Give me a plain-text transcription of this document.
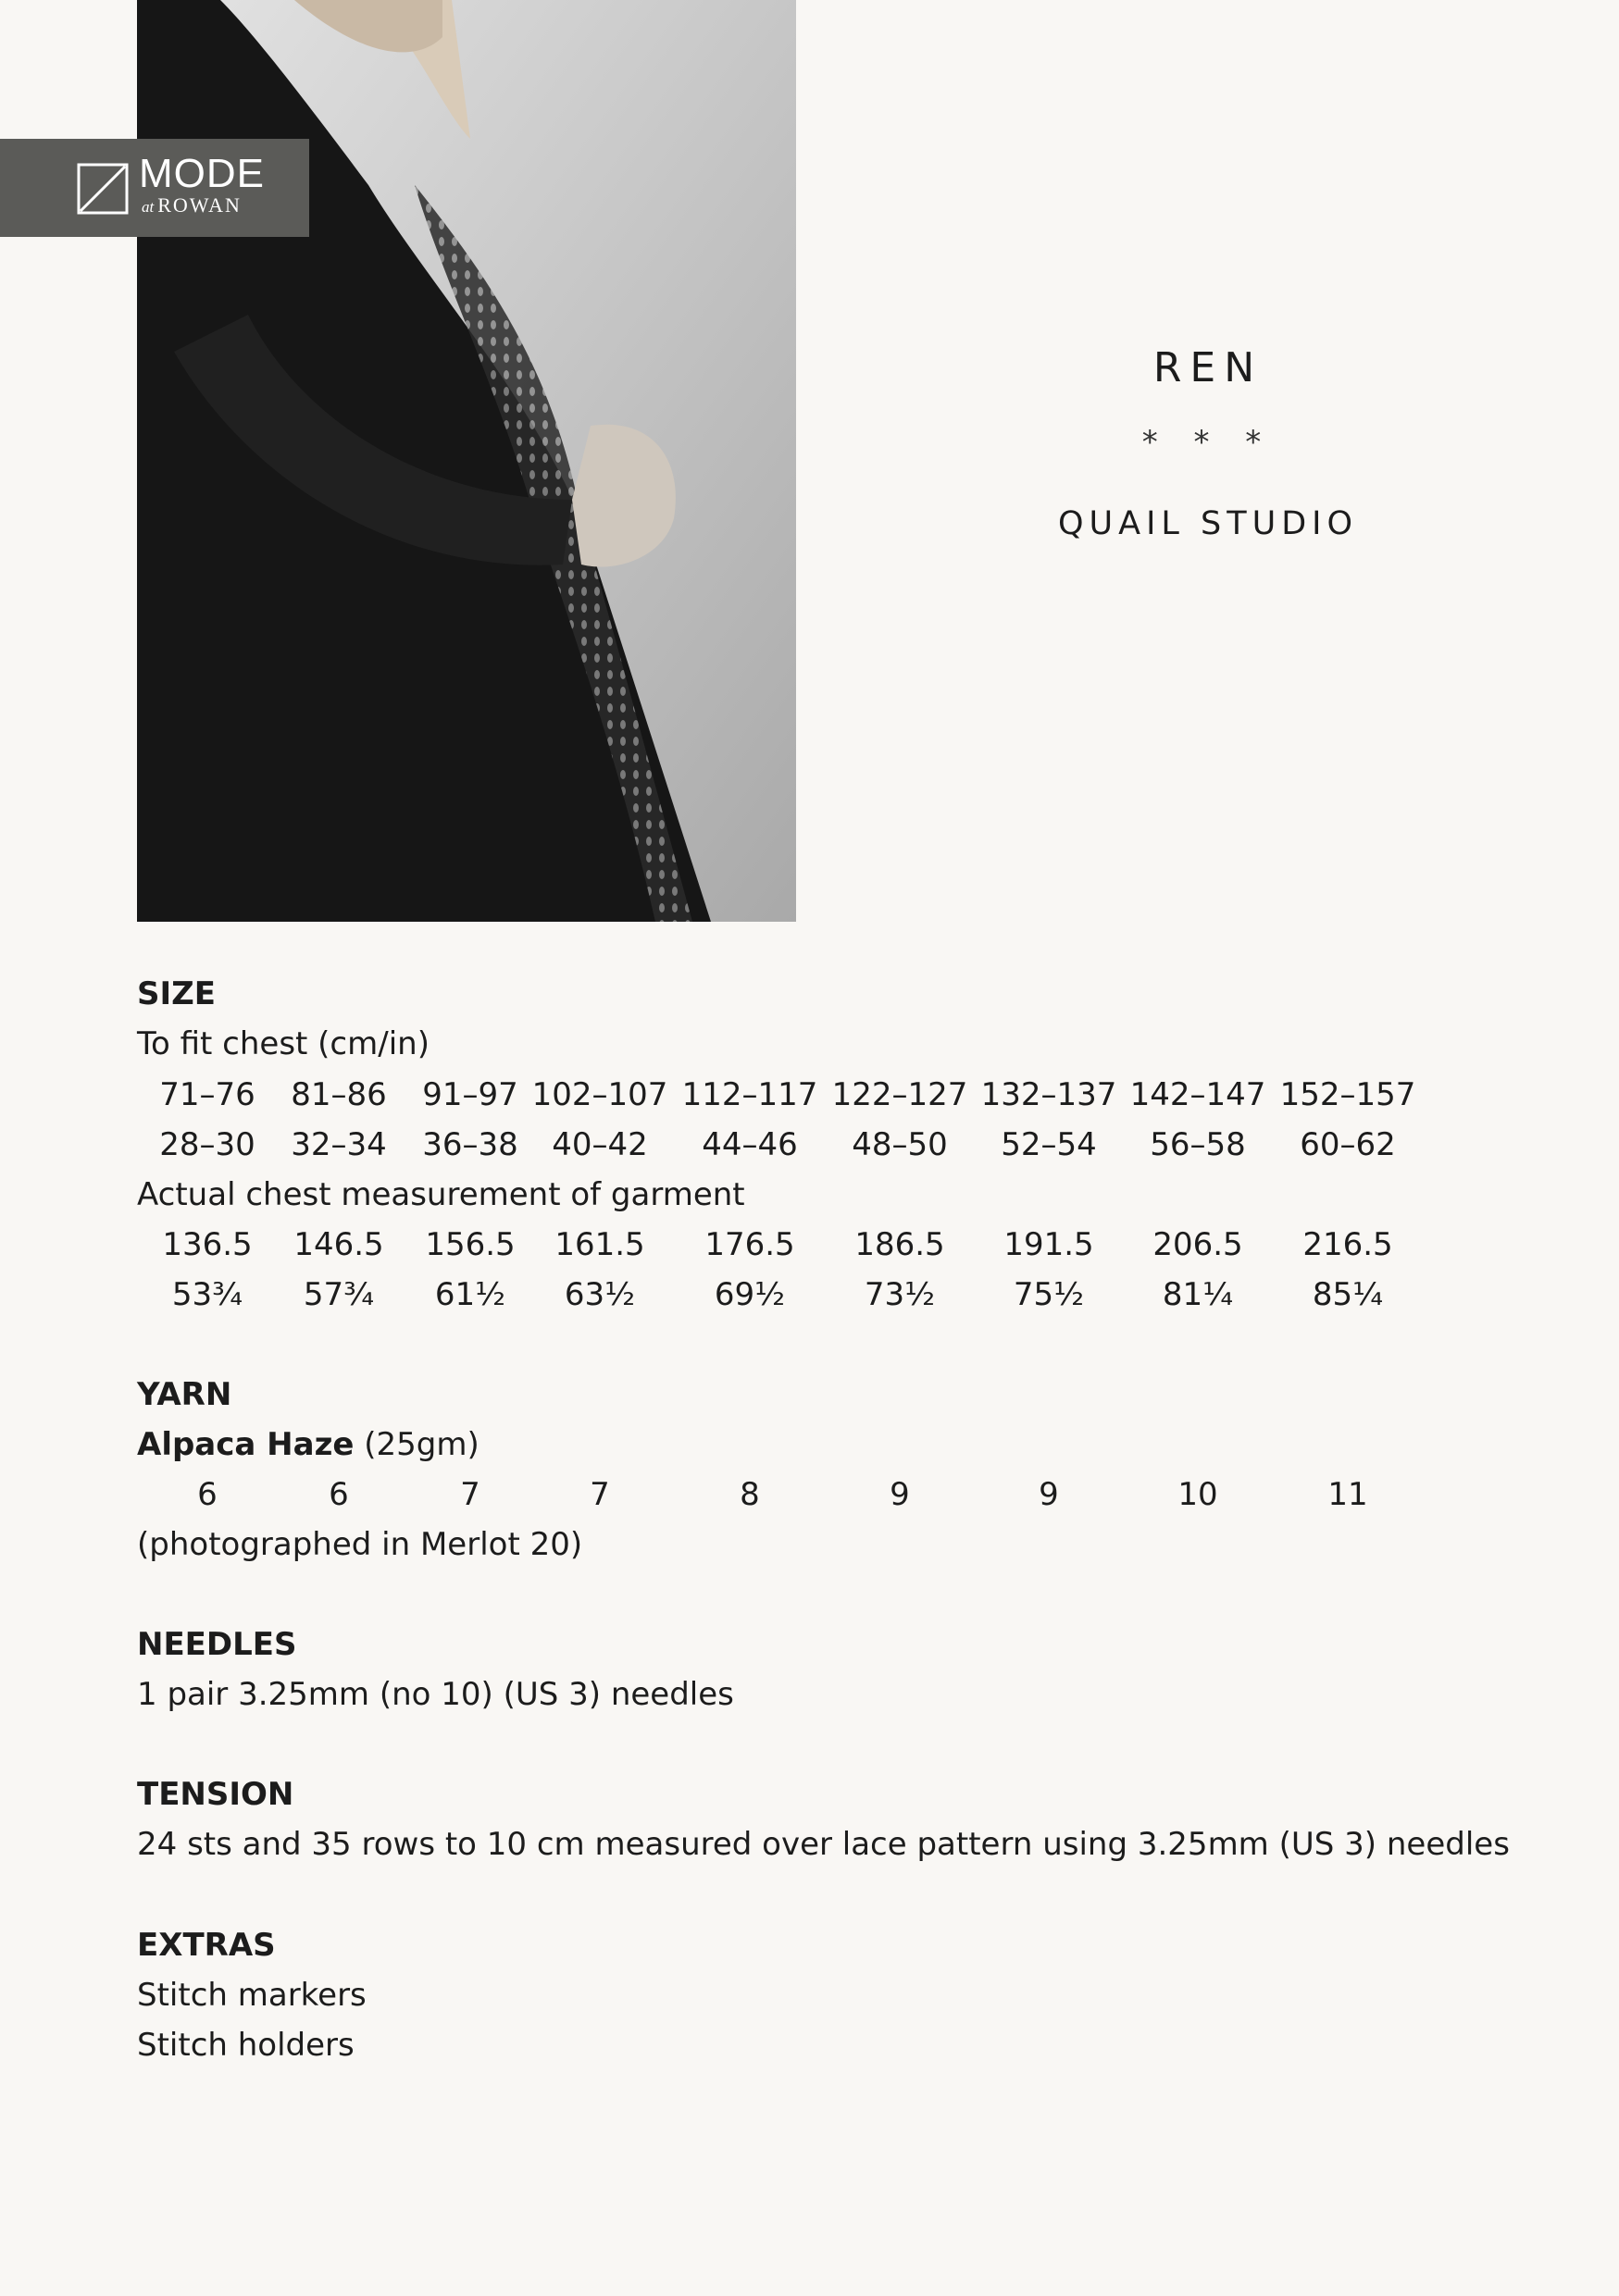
MODE
at ROWAN
REN
* * *
QUAIL STUDIO
SIZE
To fit chest (cm/in)
71–76 81–86 91–97 102–107 112–117 122–127 132–137 142–147 152–157
28–30 32–34 36–38 40–42 44–46 48–50 52–54 56–58 60–62
Actual chest measurement of garment
136.5 146.5 156.5 161.5 176.5 186.5 191.5 206.5 216.5
53¾ 57¾ 61½ 63½	69½	73½ 75½ 81¼	85¼
YARN
Alpaca Haze (25gm)
6	6	7	7	8	9	9	10	11
(photographed in Merlot 20)
NEEDLES
1 pair 3.25mm (no 10) (US 3) needles
TENSION
24 sts and 35 rows to 10 cm measured over lace pattern using 3.25mm (US 3) needles
EXTRAS
Stitch markers
Stitch holders
